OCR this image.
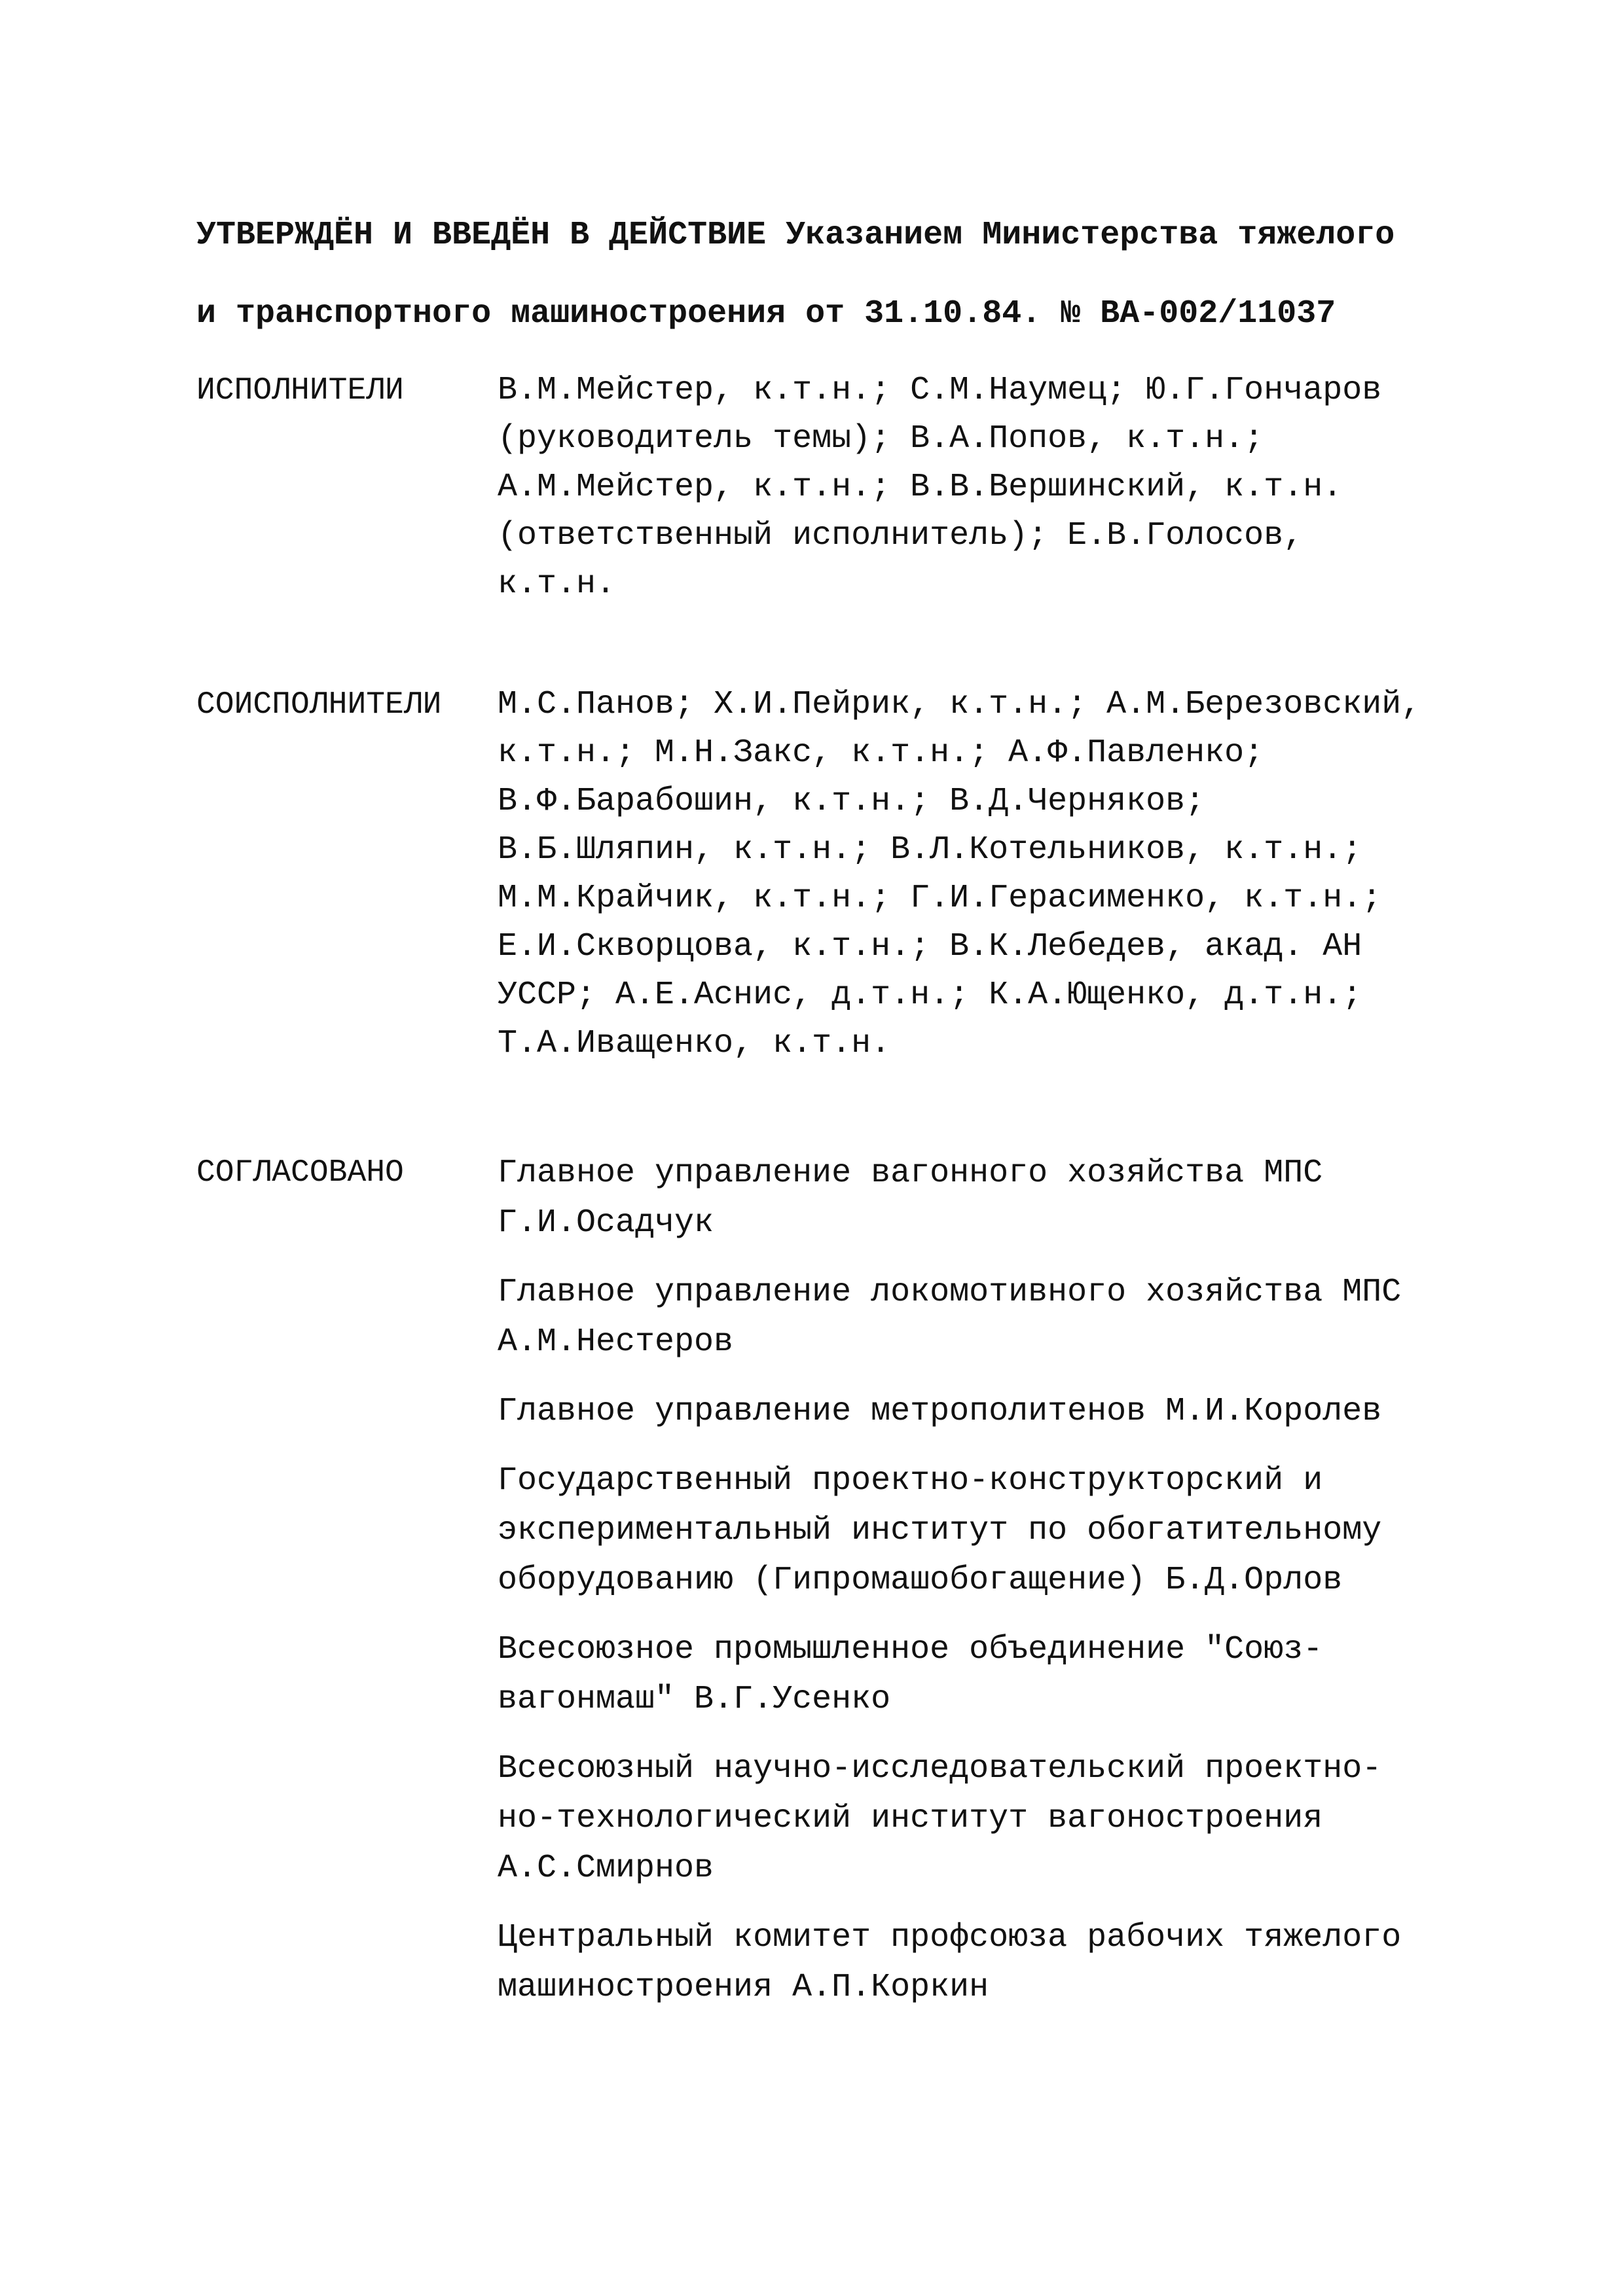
УТВЕРЖДЁН И ВВЕДЁН В ДЕЙСТВИЕ Указанием Министерства тяжелого
и транспортного машиностроения от 31.10.84. № ВА-002/11037
ИСПОЛНИТЕЛИ	В.М.Мейстер, к.т.н.; С.М.Наумец; Ю.Г.Гончаров
(руководитель темы); В.А.Попов, к.т.н.;
А.М.Мейстер, к.т.н.; В.В.Вершинский, к.т.н.
(ответственный исполнитель); Е.В.Голосов,
к.т.н.
СОИСПОЛНИТЕЛИ М.С.Панов; Х.И.Пейрик, к.т.н.; А.М.Березовский,
к.т.н.; М.Н.Закс, к.т.н.; А.Ф.Павленко;
В.Ф.Барабошин, к.т.н.; В.Д.Черняков;
В.Б.Шляпин, к.т.н.; В.Л.Котельников, к.т.н.;
М.М.Крайчик, к.т.н.; Г.И.Герасименко, к.т.н.;
Е.И.Скворцова, к.т.н.; В.К.Лебедев, акад. АН
УССР; А.Е.Аснис, д.т.н.; К.А.Ющенко, д.т.н.;
Т.А.Иващенко, к.т.н.
СОГЛАСОВАНО	Главное управление вагонного хозяйства МПС
Г.И.Осадчук
Главное управление локомотивного хозяйства МПС
А.М.Нестеров
Главное управление метрополитенов М.И.Королев
Государственный проектно-конструкторский и
экспериментальный институт по обогатительному
оборудованию (Гипромашобогащение) Б.Д.Орлов
Всесоюзное промышленное объединение "Союз-
вагонмаш" В.Г.Усенко
Всесоюзный научно-исследовательский проектно-
но-технологический институт вагоностроения
А.С.Смирнов
Центральный комитет профсоюза рабочих тяжелого
машиностроения А.П.Коркин
